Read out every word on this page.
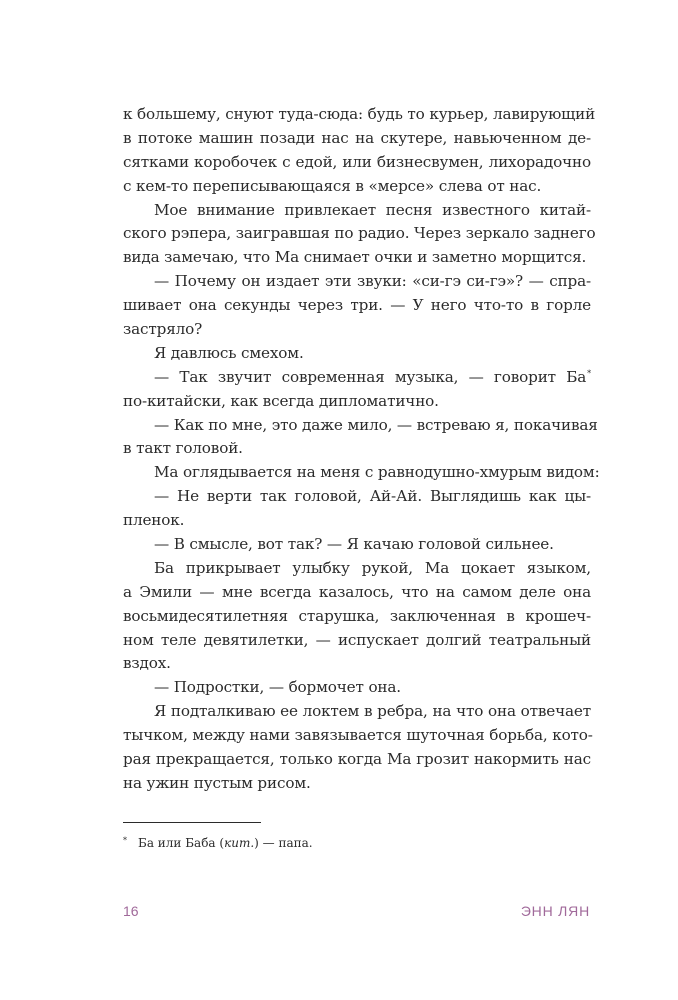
к большему, снуют туда-сюда: будь то курьер, лавирующий
в потоке машин позади нас на скутере, навьюченном де-
сятками коробочек с едой, или бизнесвумен, лихорадочно
с кем-то переписывающаяся в «мерсе» слева от нас.
Мое внимание привлекает песня известного китай-
ского рэпера, заигравшая по радио. Через зеркало заднего
вида замечаю, что Ма снимает очки и заметно морщится.
— Почему он издает эти звуки: «си-гэ си-гэ»? — спра-
шивает она секунды через три. — У него что-то в горле
застряло?
Я давлюсь смехом.
— Так звучит современная музыка, — говорит Ба*
по-китайски, как всегда дипломатично.
— Как по мне, это даже мило, — встреваю я, покачивая
в такт головой.
Ма оглядывается на меня с равнодушно-хмурым видом:
— Не верти так головой, Ай-Ай. Выглядишь как цы-
пленок.
— В смысле, вот так? — Я качаю головой сильнее.
Ба прикрывает улыбку рукой, Ма цокает языком,
а Эмили — мне всегда казалось, что на самом деле она
восьмидесятилетняя старушка, заключенная в крошеч-
ном теле девятилетки, — испускает долгий театральный
вздох.
— Подростки, — бормочет она.
Я подталкиваю ее локтем в ребра, на что она отвечает
тычком, между нами завязывается шуточная борьба, кото-
рая прекращается, только когда Ма грозит накормить нас
на ужин пустым рисом.
* Ба или Баба (кит.) — папа.
16	ЭНН ЛЯН
